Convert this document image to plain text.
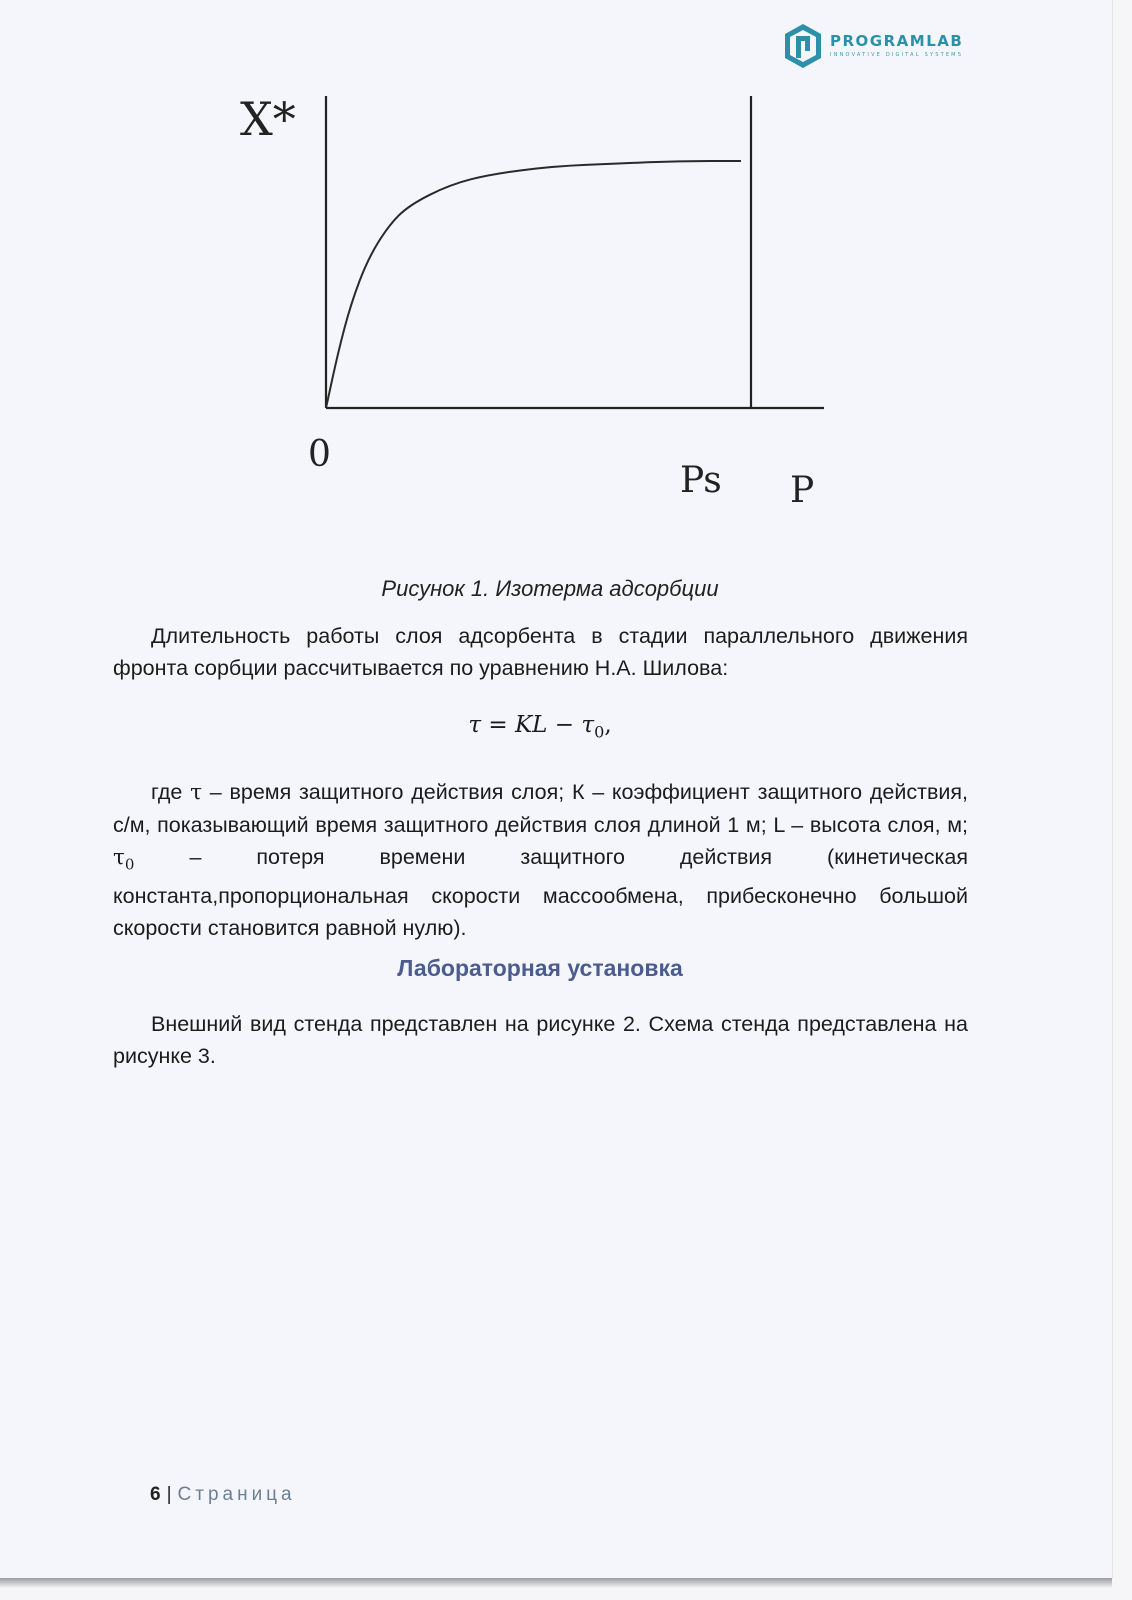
PROGRAMLAB
INNOVATIVE DIGITAL SYSTEMS
X*
0
Ps P
Рисунок 1. Изотерма адсорбции

Длительность работы слоя адсорбента в стадии параллельного движения фронта сорбции рассчитывается по уравнению Н.А. Шилова:

τ = KL − $\tau_0$,

где τ – время защитного действия слоя; К – коэффициент защитного действия, с/м, показывающий время защитного действия слоя длиной 1 м; L – высота слоя, м; $\tau_0$ – потеря времени защитного действия (кинетическая константа,пропорциональная скорости массообмена, прибесконечно большой скорости становится равной нулю).

Лабораторная установка

Внешний вид стенда представлен на рисунке 2. Схема стенда представлена на рисунке 3.

6 | Страница
